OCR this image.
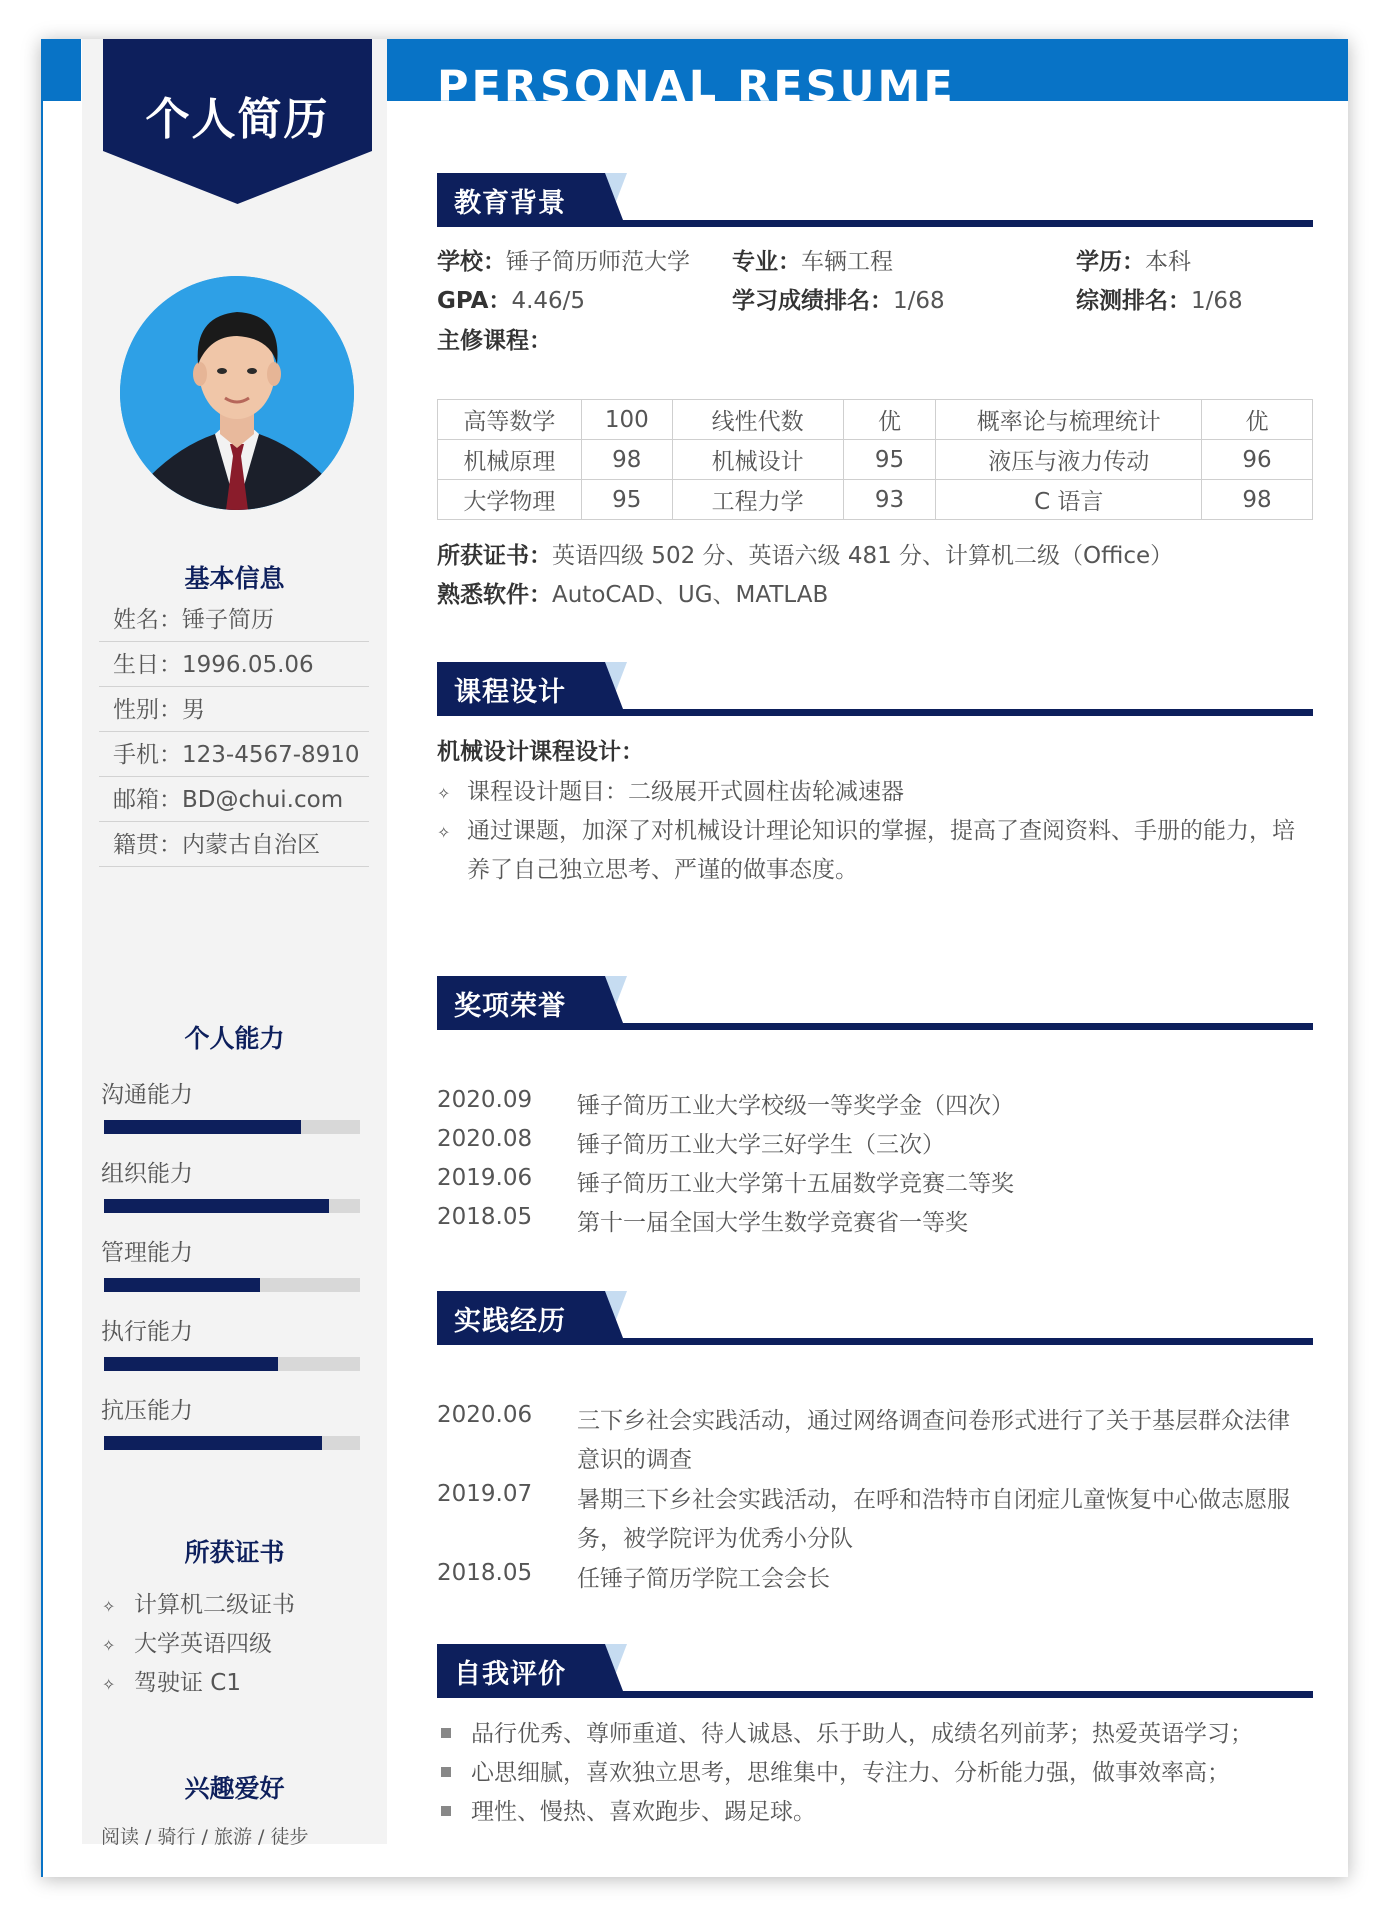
PERSONAL RESUME
个人简历
基本信息
姓名：锤子简历
生日：1996.05.06
性别：男
手机：123-4567-8910
邮箱：BD@chui.com
籍贯：内蒙古自治区
个人能力
所获证书
✧ 计算机二级证书
✧ 大学英语四级
✧ 驾驶证 C1
兴趣爱好
阅读 / 骑行 / 旅游 / 徒步
沟通能力
组织能力
管理能力
执行能力
抗压能力
教育背景
学校：锤子简历师范大学 专业：车辆工程	学历：本科
GPA：4.46/5	学习成绩排名：1/68	综测排名：1/68
主修课程：
高等数学	100	线性代数	优	概率论与梳理统计	优
机械原理	98	机械设计	95	液压与液力传动	96
大学物理	95	工程力学	93	C 语言	98
所获证书：英语四级 502 分、英语六级 481 分、计算机二级（Office）
熟悉软件：AutoCAD、UG、MATLAB
课程设计
机械设计课程设计：
✧ 课程设计题目：二级展开式圆柱齿轮减速器
✧ 通过课题，加深了对机械设计理论知识的掌握，提高了查阅资料、手册的能力，培
养了自己独立思考、严谨的做事态度。
奖项荣誉
实践经历
自我评价
品行优秀、尊师重道、待人诚恳、乐于助人，成绩名列前茅；热爱英语学习；
心思细腻，喜欢独立思考，思维集中，专注力、分析能力强，做事效率高；
理性、慢热、喜欢跑步、踢足球。
2020.09 锤子简历工业大学校级一等奖学金（四次）
2020.08 锤子简历工业大学三好学生（三次）
2019.06 锤子简历工业大学第十五届数学竞赛二等奖
2018.05 第十一届全国大学生数学竞赛省一等奖
2020.06 三下乡社会实践活动，通过网络调查问卷形式进行了关于基层群众法律
意识的调查
2019.07 暑期三下乡社会实践活动，在呼和浩特市自闭症儿童恢复中心做志愿服
务，被学院评为优秀小分队
2018.05 任锤子简历学院工会会长
